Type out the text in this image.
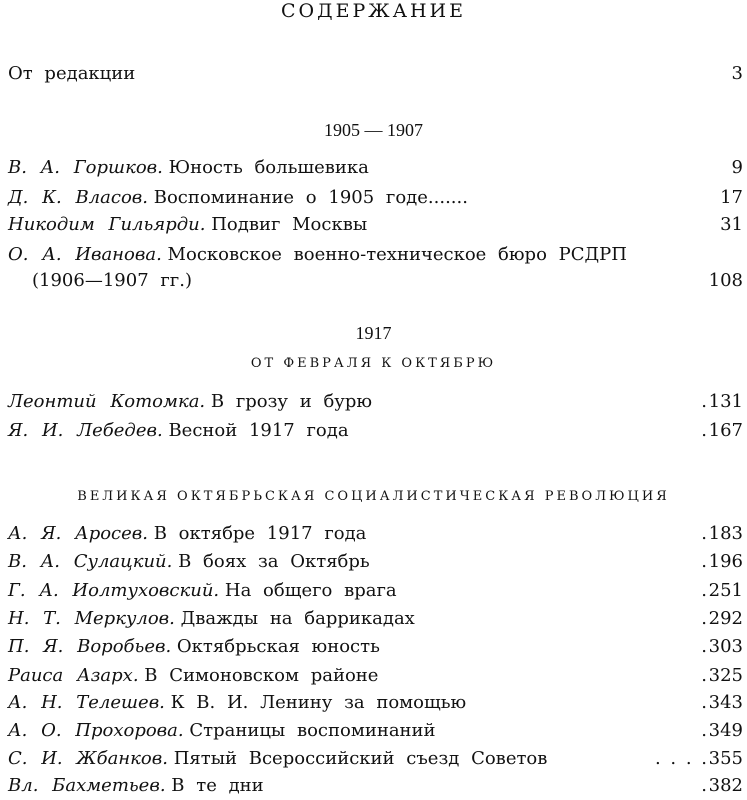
СОДЕРЖАНИЕ
От редакции	3
1905 — 1907
В. А. Горшков. Юность большевика	9
Д. К. Власов. Воспоминание о 1905 годе.......	17
Никодим Гильярди. Подвиг Москвы	31
О. А. Иванова. Московское военно-техническое бюро РСДРП
(1906—1907 гг.)	108
1917
ОТ ФЕВРАЛЯ К ОКТЯБРЮ
Леонтий Котомка. В грозу и бурю	. 131
Я. И. Лебедев. Весной 1917 года	. 167
ВЕЛИКАЯ ОКТЯБРЬСКАЯ СОЦИАЛИСТИЧЕСКАЯ РЕВОЛЮЦИЯ
А. Я. Аросев. В октябре 1917 года	. 183
В. А. Сулацкий. В боях за Октябрь	. 196
Г. А. Иолтуховский. На общего врага	. 251
Н. Т. Меркулов. Дважды на баррикадах	. 292
П. Я. Воробьев. Октябрьская юность	. 303
Раиса Азарх. В Симоновском районе	. 325
А. Н. Телешев. К В. И. Ленину за помощью	. 343
А. О. Прохорова. Страницы воспоминаний	. 349
С. И. Жбанков. Пятый Всероссийский съезд Советов	. . . . 355
Вл. Бахметьев. В те дни	. 382
